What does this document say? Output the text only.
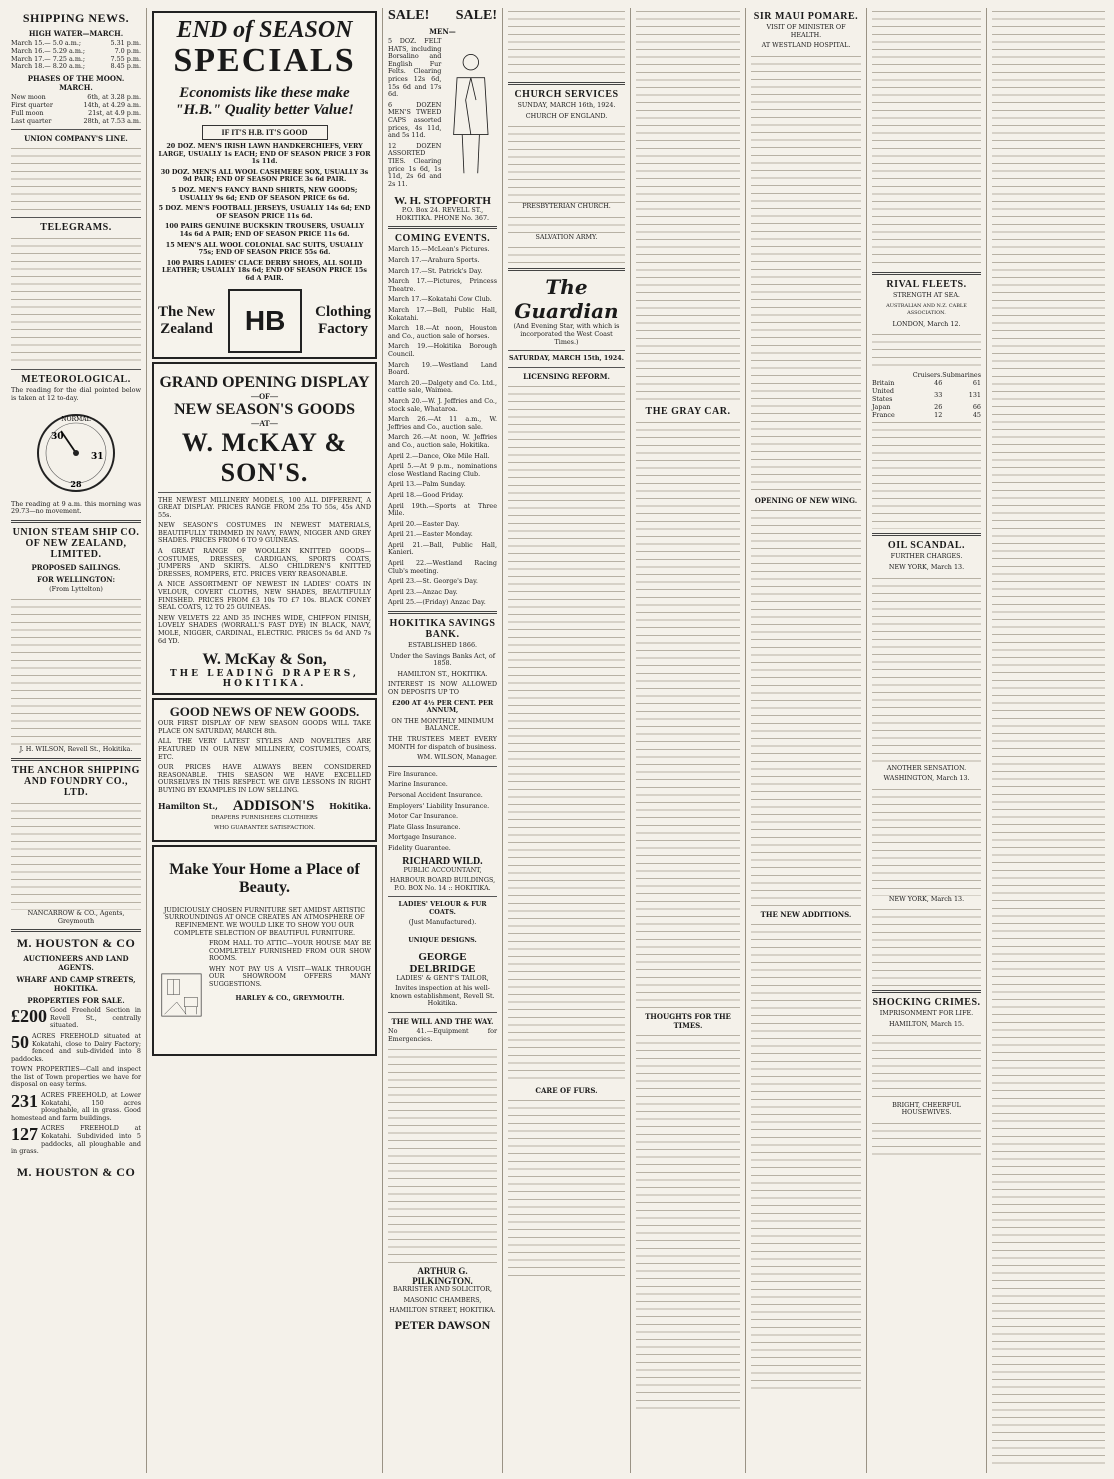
SHIPPING NEWS.
HIGH WATER—MARCH.
March 15.— 5.0 a.m.;	5.31 p.m.
March 16.— 5.29 a.m.;	7.0 p.m.
March 17.— 7.25 a.m.;	7.55 p.m.
March 18.— 8.20 a.m.;	8.45 p.m.
PHASES OF THE MOON. MARCH.
New moon	6th, at 3.28 p.m.
First quarter	14th, at 4.29 a.m.
Full moon	21st, at 4.9 p.m.
Last quarter	28th, at 7.53 a.m.
UNION COMPANY'S LINE.
TELEGRAMS.
METEOROLOGICAL.

The reading for the dial pointed below is taken at 12 to-day.

NORMAL
30
31
28

The reading at 9 a.m. this morning was 29.73—no movement.

UNION STEAM SHIP CO. OF NEW ZEALAND, LIMITED.
PROPOSED SAILINGS.
FOR WELLINGTON:

(From Lyttelton)

J. H. WILSON, Revell St., Hokitika.

THE ANCHOR SHIPPING AND FOUNDRY CO., LTD.

NANCARROW & CO., Agents, Greymouth

M. HOUSTON & CO
AUCTIONEERS AND LAND AGENTS.
WHARF AND CAMP STREETS, HOKITIKA.
PROPERTIES FOR SALE.
£200 Good Freehold Section in Revell St., centrally situated.

50 ACRES FREEHOLD situated at Kokatahi, close to Dairy Factory; fenced and sub-divided into 8 paddocks.

TOWN PROPERTIES—Call and inspect the list of Town properties we have for disposal on easy terms.

231 ACRES FREEHOLD, at Lower Kokatahi, 150 acres ploughable, all in grass. Good homestead and farm buildings.

127 ACRES FREEHOLD at Kokatahi. Subdivided into 5 paddocks, all ploughable and in grass.

M. HOUSTON & CO
END of SEASON
SPECIALS
Economists like these make "H.B." Quality better Value!
IF IT'S H.B. IT'S GOOD

20 DOZ. MEN'S IRISH LAWN HANDKERCHIEFS, VERY LARGE, USUALLY 1s EACH; END OF SEASON PRICE 3 FOR 1s 11d.

30 DOZ. MEN'S ALL WOOL CASHMERE SOX, USUALLY 3s 9d PAIR; END OF SEASON PRICE 3s 6d PAIR.

5 DOZ. MEN'S FANCY BAND SHIRTS, NEW GOODS; USUALLY 9s 6d; END OF SEASON PRICE 6s 6d.

5 DOZ. MEN'S FOOTBALL JERSEYS, USUALLY 14s 6d; END OF SEASON PRICE 11s 6d.

100 PAIRS GENUINE BUCKSKIN TROUSERS, USUALLY 14s 6d A PAIR; END OF SEASON PRICE 11s 6d.

15 MEN'S ALL WOOL COLONIAL SAC SUITS, USUALLY 75s; END OF SEASON PRICE 55s 6d.

100 PAIRS LADIES' CLACE DERBY SHOES, ALL SOLID LEATHER; USUALLY 18s 6d; END OF SEASON PRICE 15s 6d A PAIR.

The New
Zealand	HB	Clothing
Factory
GRAND OPENING DISPLAY
—OF—
NEW SEASON'S GOODS
—AT—
W. McKAY & SON'S.

THE NEWEST MILLINERY MODELS, 100 ALL DIFFERENT, A GREAT DISPLAY. PRICES RANGE FROM 25s TO 55s, 45s AND 55s.

NEW SEASON'S COSTUMES IN NEWEST MATERIALS, BEAUTIFULLY TRIMMED IN NAVY, FAWN, NIGGER AND GREY SHADES. PRICES FROM 6 TO 9 GUINEAS.

A GREAT RANGE OF WOOLLEN KNITTED GOODS—COSTUMES, DRESSES, CARDIGANS, SPORTS COATS, JUMPERS AND SKIRTS. ALSO CHILDREN'S KNITTED DRESSES, ROMPERS, ETC. PRICES VERY REASONABLE.

A NICE ASSORTMENT OF NEWEST IN LADIES' COATS IN VELOUR, COVERT CLOTHS, NEW SHADES, BEAUTIFULLY FINISHED. PRICES FROM £3 10s TO £7 10s. BLACK CONEY SEAL COATS, 12 TO 25 GUINEAS.

NEW VELVETS 22 AND 35 INCHES WIDE, CHIFFON FINISH, LOVELY SHADES (WORRALL'S FAST DYE) IN BLACK, NAVY, MOLE, NIGGER, CARDINAL, ELECTRIC. PRICES 5s 6d AND 7s 6d YD.

W. McKay & Son,
THE LEADING DRAPERS,
HOKITIKA.
GOOD NEWS OF NEW GOODS.

OUR FIRST DISPLAY OF NEW SEASON GOODS WILL TAKE PLACE ON SATURDAY, MARCH 8th.

ALL THE VERY LATEST STYLES AND NOVELTIES ARE FEATURED IN OUR NEW MILLINERY, COSTUMES, COATS, ETC.

OUR PRICES HAVE ALWAYS BEEN CONSIDERED REASONABLE. THIS SEASON WE HAVE EXCELLED OURSELVES IN THIS RESPECT. WE GIVE LESSONS IN RIGHT BUYING BY EXAMPLES IN LOW SELLING.

Hamilton St., ADDISON'S Hokitika.
DRAPERS FURNISHERS CLOTHIERS
WHO GUARANTEE SATISFACTION.
Make Your Home a Place of Beauty.

JUDICIOUSLY CHOSEN FURNITURE SET AMIDST ARTISTIC SURROUNDINGS AT ONCE CREATES AN ATMOSPHERE OF REFINEMENT. WE WOULD LIKE TO SHOW YOU OUR COMPLETE SELECTION OF BEAUTIFUL FURNITURE.

FROM HALL TO ATTIC—YOUR HOUSE MAY BE COMPLETELY FURNISHED FROM OUR SHOW ROOMS.

WHY NOT PAY US A VISIT—WALK THROUGH OUR SHOWROOM OFFERS MANY SUGGESTIONS.

HARLEY & CO., GREYMOUTH.

SALE! SALE!
MEN—

5 DOZ. FELT HATS, including Borsalino and English Fur Felts. Clearing prices 12s 6d, 15s 6d and 17s 6d.

6 DOZEN MEN'S TWEED CAPS assorted prices, 4s 11d, and 5s 11d.

12 DOZEN ASSORTED TIES. Clearing price 1s 6d, 1s 11d, 2s 6d and 2s 11.

W. H. STOPFORTH

P.O. Box 24. REVELL ST., HOKITIKA. PHONE No. 367.

COMING EVENTS.

March 15.—McLean's Pictures.

March 17.—Arahura Sports.

March 17.—St. Patrick's Day.

March 17.—Pictures, Princess Theatre.

March 17.—Kokatahi Cow Club.

March 17.—Bell, Public Hall, Kokatahi.

March 18.—At noon, Houston and Co., auction sale of horses.

March 19.—Hokitika Borough Council.

March 19.—Westland Land Board.

March 20.—Dalgety and Co. Ltd., cattle sale, Waimea.

March 20.—W. J. Jeffries and Co., stock sale, Whataroa.

March 26.—At 11 a.m., W. Jeffries and Co., auction sale.

March 26.—At noon, W. Jeffries and Co., auction sale, Hokitika.

April 2.—Dance, Oke Mile Hall.

April 5.—At 9 p.m., nominations close Westland Racing Club.

April 13.—Palm Sunday.

April 18.—Good Friday.

April 19th.—Sports at Three Mile.

April 20.—Easter Day.

April 21.—Easter Monday.

April 21.—Ball, Public Hall, Kanieri.

April 22.—Westland Racing Club's meeting.

April 23.—St. George's Day.

April 23.—Anzac Day.

April 25.—(Friday) Anzac Day.

HOKITIKA SAVINGS BANK.

ESTABLISHED 1866.

Under the Savings Banks Act, of 1858.

HAMILTON ST., HOKITIKA.

INTEREST IS NOW ALLOWED ON DEPOSITS UP TO

£200 AT 4½ PER CENT. PER ANNUM,

ON THE MONTHLY MINIMUM BALANCE.

THE TRUSTEES MEET EVERY MONTH for dispatch of business.

WM. WILSON, Manager.

Fire Insurance.

Marine Insurance.

Personal Accident Insurance.

Employers' Liability Insurance.

Motor Car Insurance.

Plate Glass Insurance.

Mortgage Insurance.

Fidelity Guarantee.

RICHARD WILD.

PUBLIC ACCOUNTANT,

HARBOUR BOARD BUILDINGS, P.O. BOX No. 14 :: HOKITIKA.

LADIES' VELOUR & FUR COATS.

(Just Manufactured).

UNIQUE DESIGNS.

GEORGE DELBRIDGE

LADIES' & GENT'S TAILOR,

Invites inspection at his well-known establishment, Revell St. Hokitika.

THE WILL AND THE WAY.

No 41.—Equipment for Emergencies.

ARTHUR G. PILKINGTON.

BARRISTER AND SOLICITOR,

MASONIC CHAMBERS,

HAMILTON STREET, HOKITIKA.

PETER DAWSON
CHURCH SERVICES

SUNDAY, MARCH 16th, 1924.

CHURCH OF ENGLAND.

PRESBYTERIAN CHURCH.

SALVATION ARMY.

The Guardian

(And Evening Star, with which is incorporated the West Coast Times.)

SATURDAY, MARCH 15th, 1924.

LICENSING REFORM.
CARE OF FURS.
THE GRAY CAR.
THOUGHTS FOR THE TIMES.
SIR MAUI POMARE.

VISIT OF MINISTER OF HEALTH.

AT WESTLAND HOSPITAL.

OPENING OF NEW WING.
THE NEW ADDITIONS.
RIVAL FLEETS.

STRENGTH AT SEA.

AUSTRALIAN AND N.Z. CABLE ASSOCIATION.

LONDON, March 12.

	Cruisers.	Submarines
Britain	46	61
United States	33	131
Japan	26	66
France	12	45
OIL SCANDAL.

FURTHER CHARGES.

NEW YORK, March 13.

ANOTHER SENSATION.

WASHINGTON, March 13.

NEW YORK, March 13.

SHOCKING CRIMES.

IMPRISONMENT FOR LIFE.

HAMILTON, March 15.

BRIGHT, CHEERFUL HOUSEWIVES.
